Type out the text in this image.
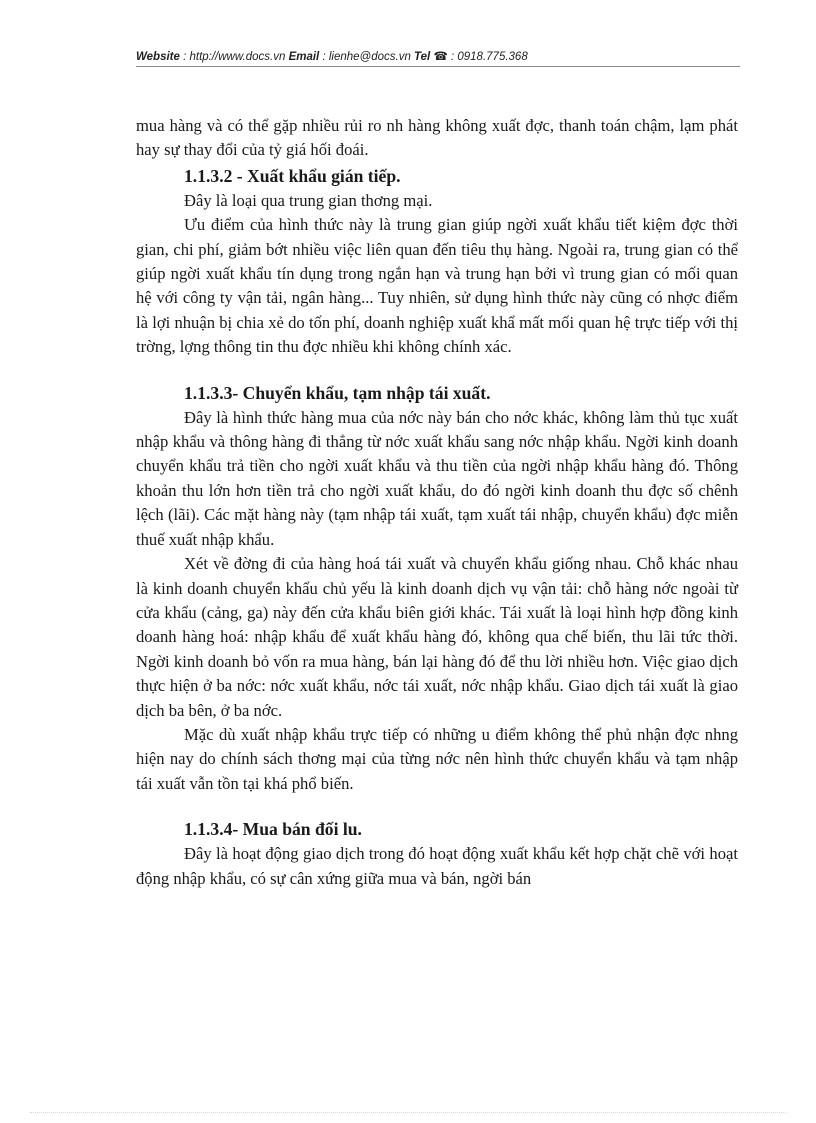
Website : http://www.docs.vn Email : lienhe@docs.vn Tel ☎ : 0918.775.368

mua hàng và có thể gặp nhiều rủi ro nh hàng không xuất đợc, thanh toán chậm, lạm phát hay sự thay đổi của tỷ giá hối đoái.

1.1.3.2 - Xuất khẩu gián tiếp.

Đây là loại qua trung gian thơng mại.

Ưu điểm của hình thức này là trung gian giúp ngời xuất khẩu tiết kiệm đợc thời gian, chi phí, giảm bớt nhiều việc liên quan đến tiêu thụ hàng. Ngoài ra, trung gian có thể giúp ngời xuất khẩu tín dụng trong ngắn hạn và trung hạn bởi vì trung gian có mối quan hệ với công ty vận tải, ngân hàng... Tuy nhiên, sử dụng hình thức này cũng có nhợc điểm là lợi nhuận bị chia xẻ do tốn phí, doanh nghiệp xuất khẩ mất mối quan hệ trực tiếp với thị trờng, lợng thông tin thu đợc nhiều khi không chính xác.

1.1.3.3- Chuyển khẩu, tạm nhập tái xuất.

Đây là hình thức hàng mua của nớc này bán cho nớc khác, không làm thủ tục xuất nhập khẩu và thông hàng đi thẳng từ nớc xuất khẩu sang nớc nhập khẩu. Ngời kinh doanh chuyển khẩu trả tiền cho ngời xuất khẩu và thu tiền của ngời nhập khẩu hàng đó. Thông khoản thu lớn hơn tiền trả cho ngời xuất khẩu, do đó ngời kinh doanh thu đợc số chênh lệch (lãi). Các mặt hàng này (tạm nhập tái xuất, tạm xuất tái nhập, chuyển khẩu) đợc miễn thuế xuất nhập khẩu.

Xét về đờng đi của hàng hoá tái xuất và chuyển khẩu giống nhau. Chỗ khác nhau là kinh doanh chuyển khẩu chủ yếu là kinh doanh dịch vụ vận tải: chỗ hàng nớc ngoài từ cửa khẩu (cảng, ga) này đến cửa khẩu biên giới khác. Tái xuất là loại hình hợp đồng kinh doanh hàng hoá: nhập khẩu để xuất khẩu hàng đó, không qua chế biến, thu lãi tức thời. Ngời kinh doanh bỏ vốn ra mua hàng, bán lại hàng đó để thu lời nhiều hơn. Việc giao dịch thực hiện ở ba nớc: nớc xuất khẩu, nớc tái xuất, nớc nhập khẩu. Giao dịch tái xuất là giao dịch ba bên, ở ba nớc.

Mặc dù xuất nhập khẩu trực tiếp có những u điểm không thể phủ nhận đợc nhng hiện nay do chính sách thơng mại của từng nớc nên hình thức chuyển khẩu và tạm nhập tái xuất vẫn tồn tại khá phổ biến.

1.1.3.4- Mua bán đối lu.

Đây là hoạt động giao dịch trong đó hoạt động xuất khẩu kết hợp chặt chẽ với hoạt động nhập khẩu, có sự cân xứng giữa mua và bán, ngời bán
